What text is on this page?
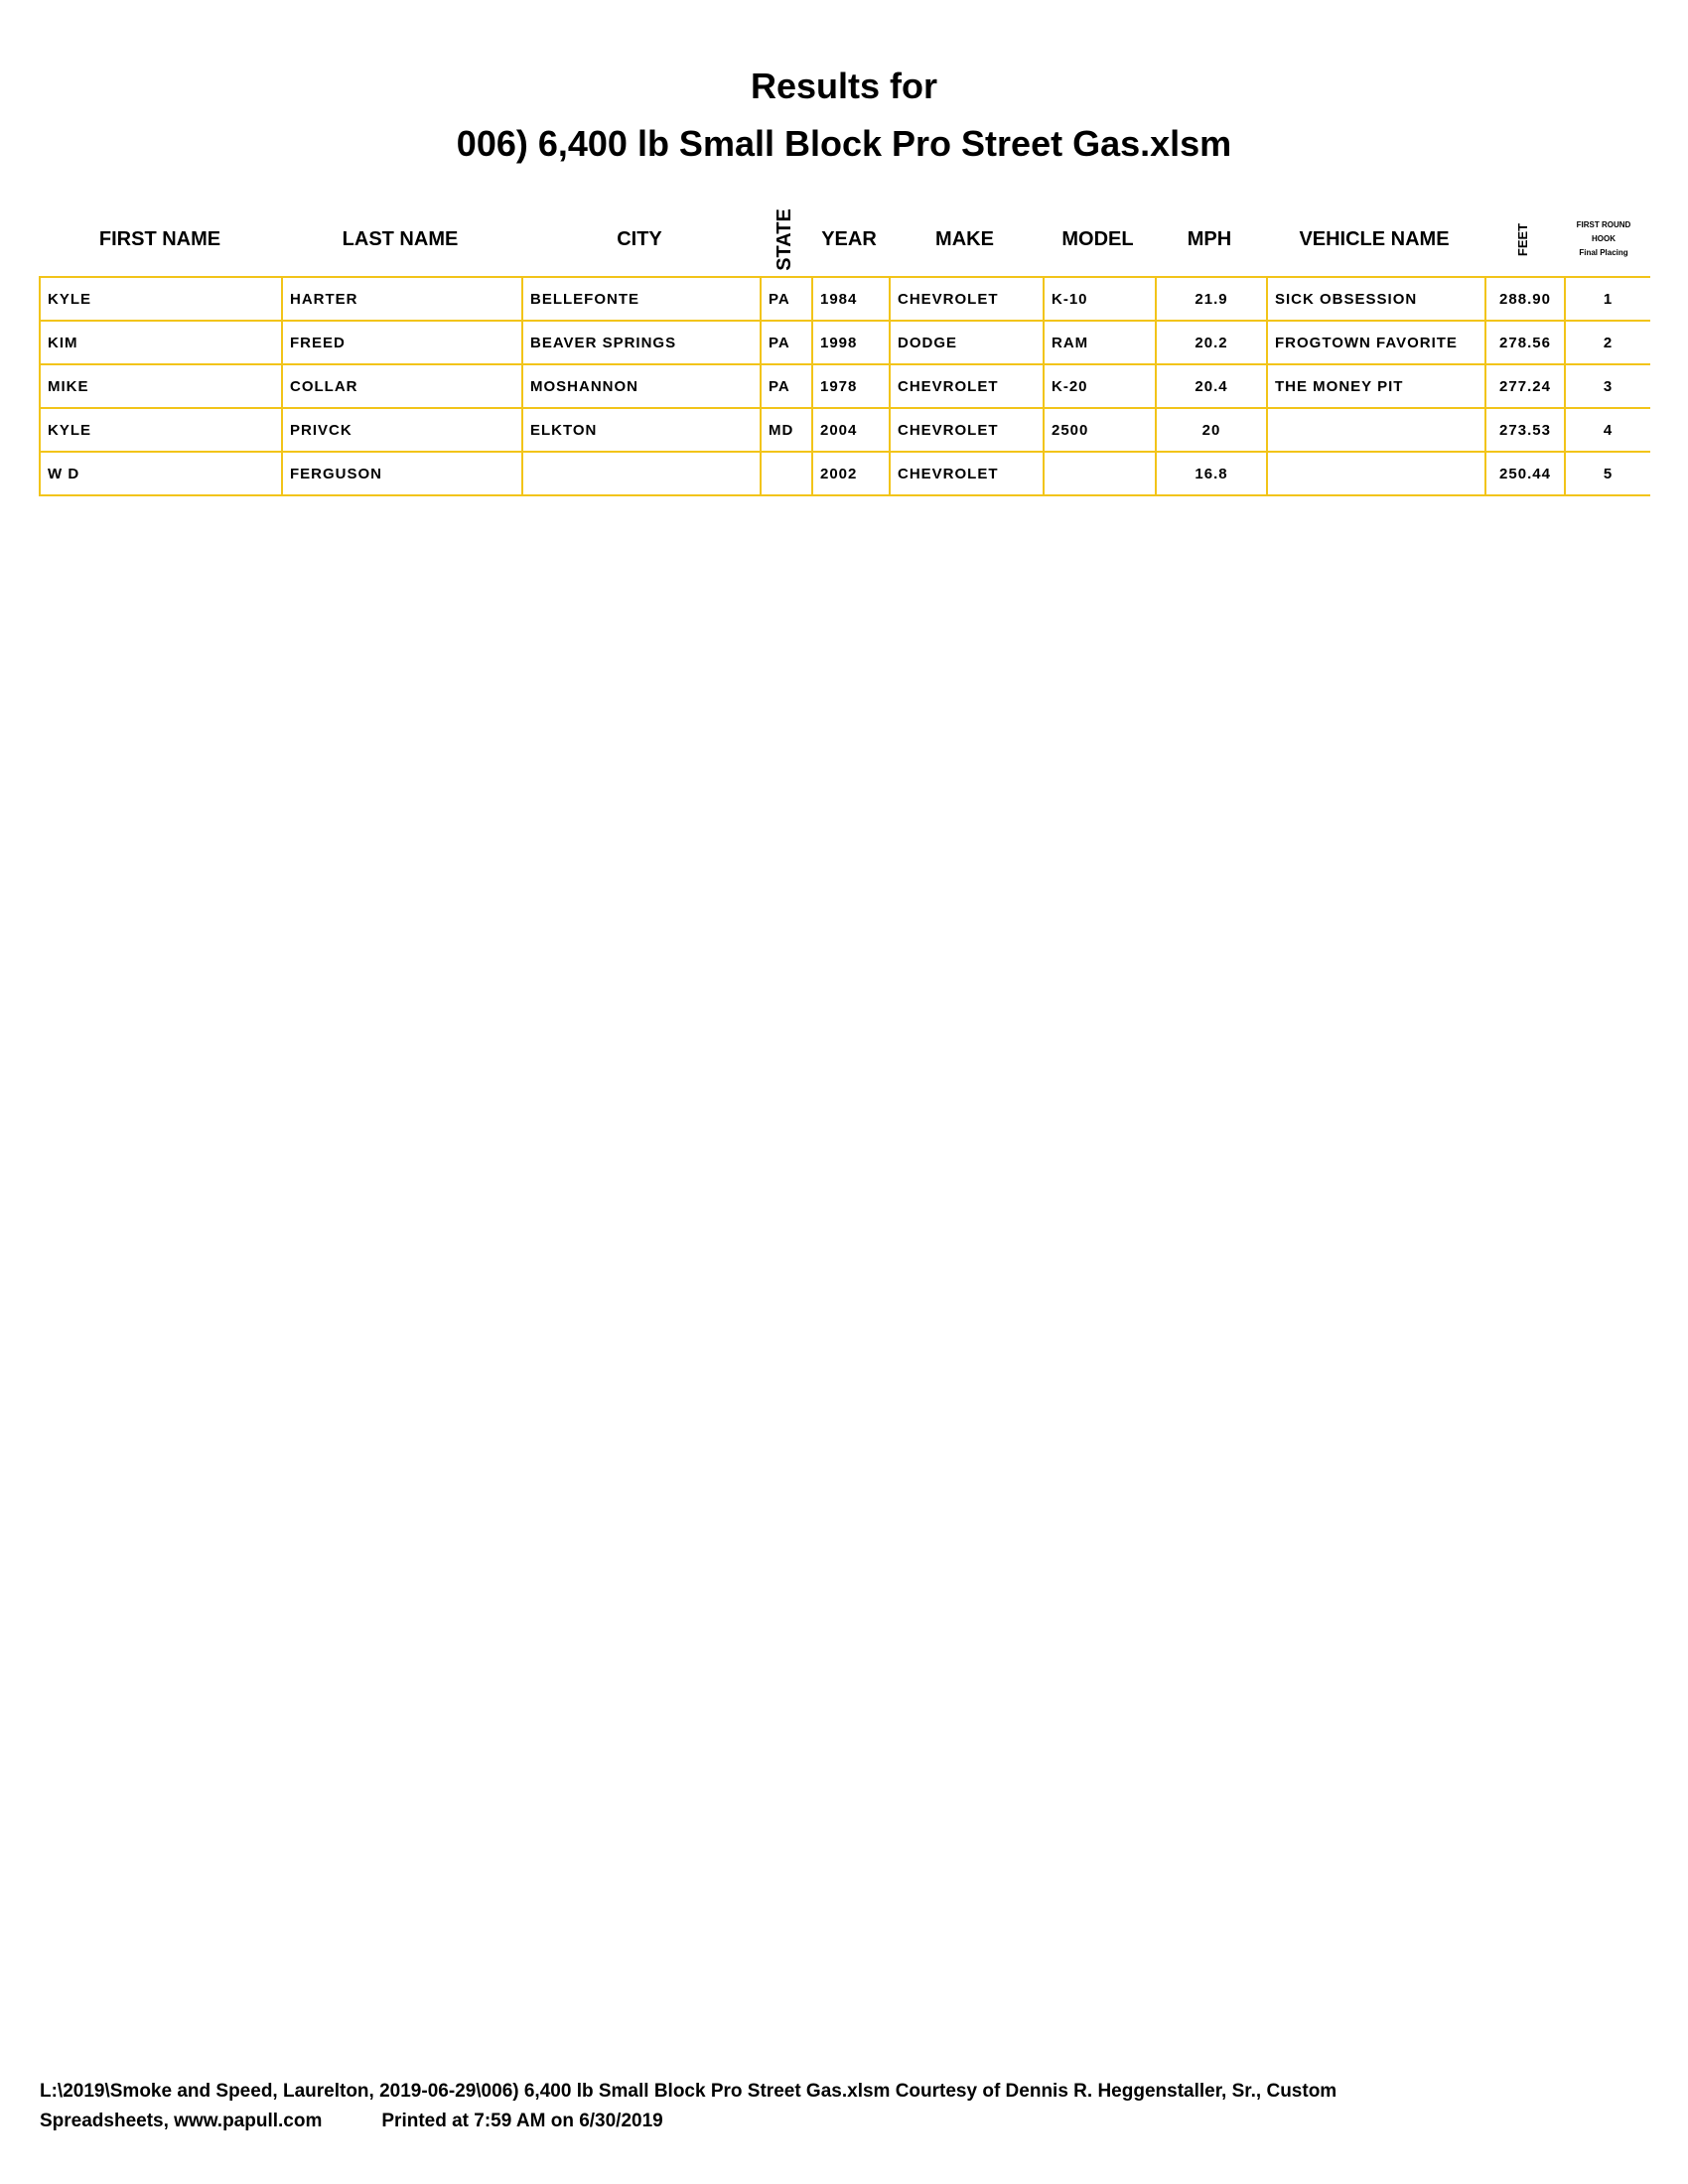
Results for
006) 6,400 lb Small Block Pro Street Gas.xlsm
FIRST NAME	LAST NAME	CITY	STATE	YEAR	MAKE	MODEL	MPH	VEHICLE NAME	FEET	FIRST ROUND
HOOK
Final Placing
KYLE	HARTER	BELLEFONTE	PA	1984	CHEVROLET	K-10	21.9	SICK OBSESSION	288.90	1
KIM	FREED	BEAVER SPRINGS	PA	1998	DODGE	RAM	20.2	FROGTOWN FAVORITE	278.56	2
MIKE	COLLAR	MOSHANNON	PA	1978	CHEVROLET	K-20	20.4	THE MONEY PIT	277.24	3
KYLE	PRIVCK	ELKTON	MD	2004	CHEVROLET	2500	20		273.53	4
W D	FERGUSON			2002	CHEVROLET		16.8		250.44	5
L:\2019\Smoke and Speed, Laurelton, 2019-06-29\006) 6,400 lb Small Block Pro Street Gas.xlsm Courtesy of Dennis R. Heggenstaller, Sr., Custom
Spreadsheets, www.papull.com	Printed at 7:59 AM on 6/30/2019
